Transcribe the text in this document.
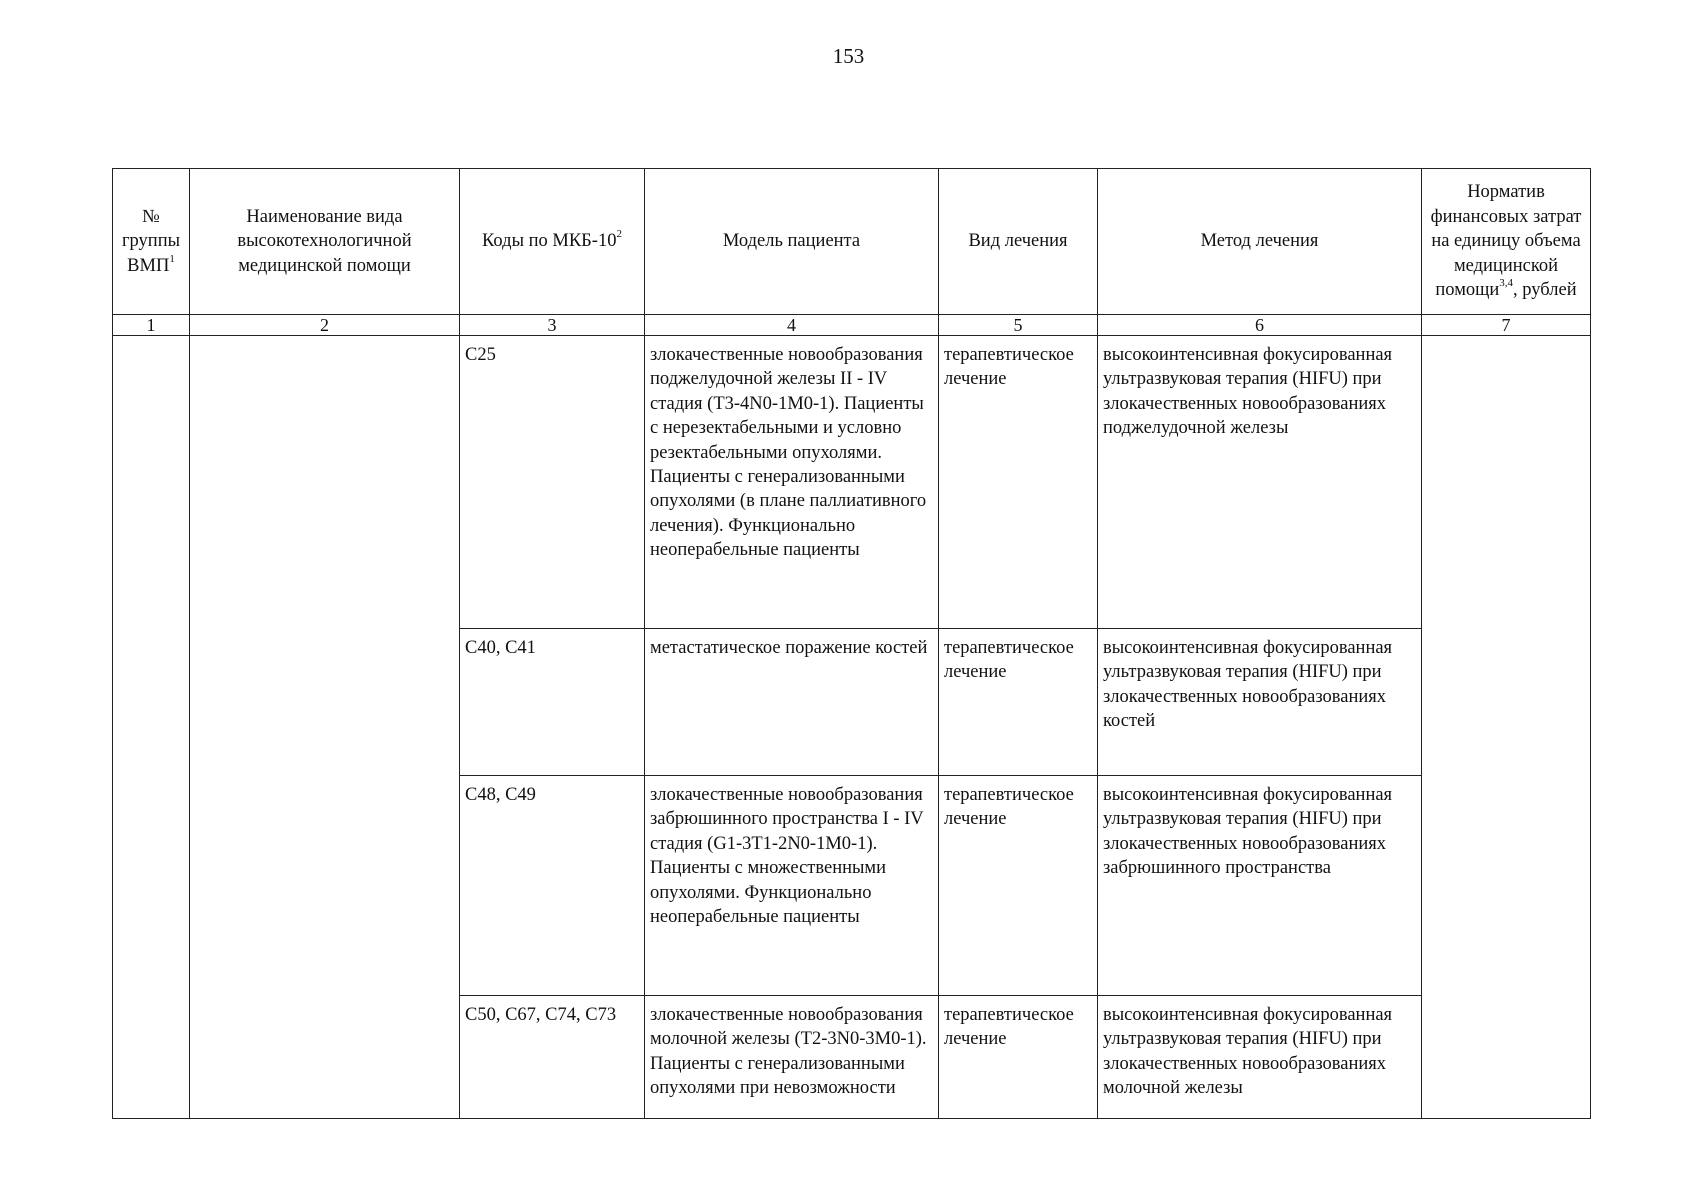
153
№ группы ВМП$^1$	Наименование вида высокотехнологичной медицинской помощи	Коды по МКБ-$10^2$	Модель пациента	Вид лечения	Метод лечения	Норматив финансовых затрат на единицу объема медицинской помощи$^{3,4}$, рублей
1	2	3	4	5	6	7
		C25	злокачественные новообразования поджелудочной железы II - IV стадия (T3-4N0-1M0-1). Пациенты с нерезектабельными и условно резектабельными опухолями. Пациенты с генерализованными опухолями (в плане паллиативного лечения). Функционально неоперабельные пациенты	терапевтическое лечение	высокоинтенсивная фокусированная ультразвуковая терапия (HIFU) при злокачественных новообразованиях поджелудочной железы	
		C40, C41	метастатическое поражение костей	терапевтическое лечение	высокоинтенсивная фокусированная ультразвуковая терапия (HIFU) при злокачественных новообразованиях костей	
		C48, C49	злокачественные новообразования забрюшинного пространства I - IV стадия (G1-3T1-2N0-1M0-1). Пациенты с множественными опухолями. Функционально неоперабельные пациенты	терапевтическое лечение	высокоинтенсивная фокусированная ультразвуковая терапия (HIFU) при злокачественных новообразованиях забрюшинного пространства	
		C50, C67, C74, C73	злокачественные новообразования молочной железы (T2-3N0-3M0-1). Пациенты с генерализованными опухолями при невозможности	терапевтическое лечение	высокоинтенсивная фокусированная ультразвуковая терапия (HIFU) при злокачественных новообразованиях молочной железы	
